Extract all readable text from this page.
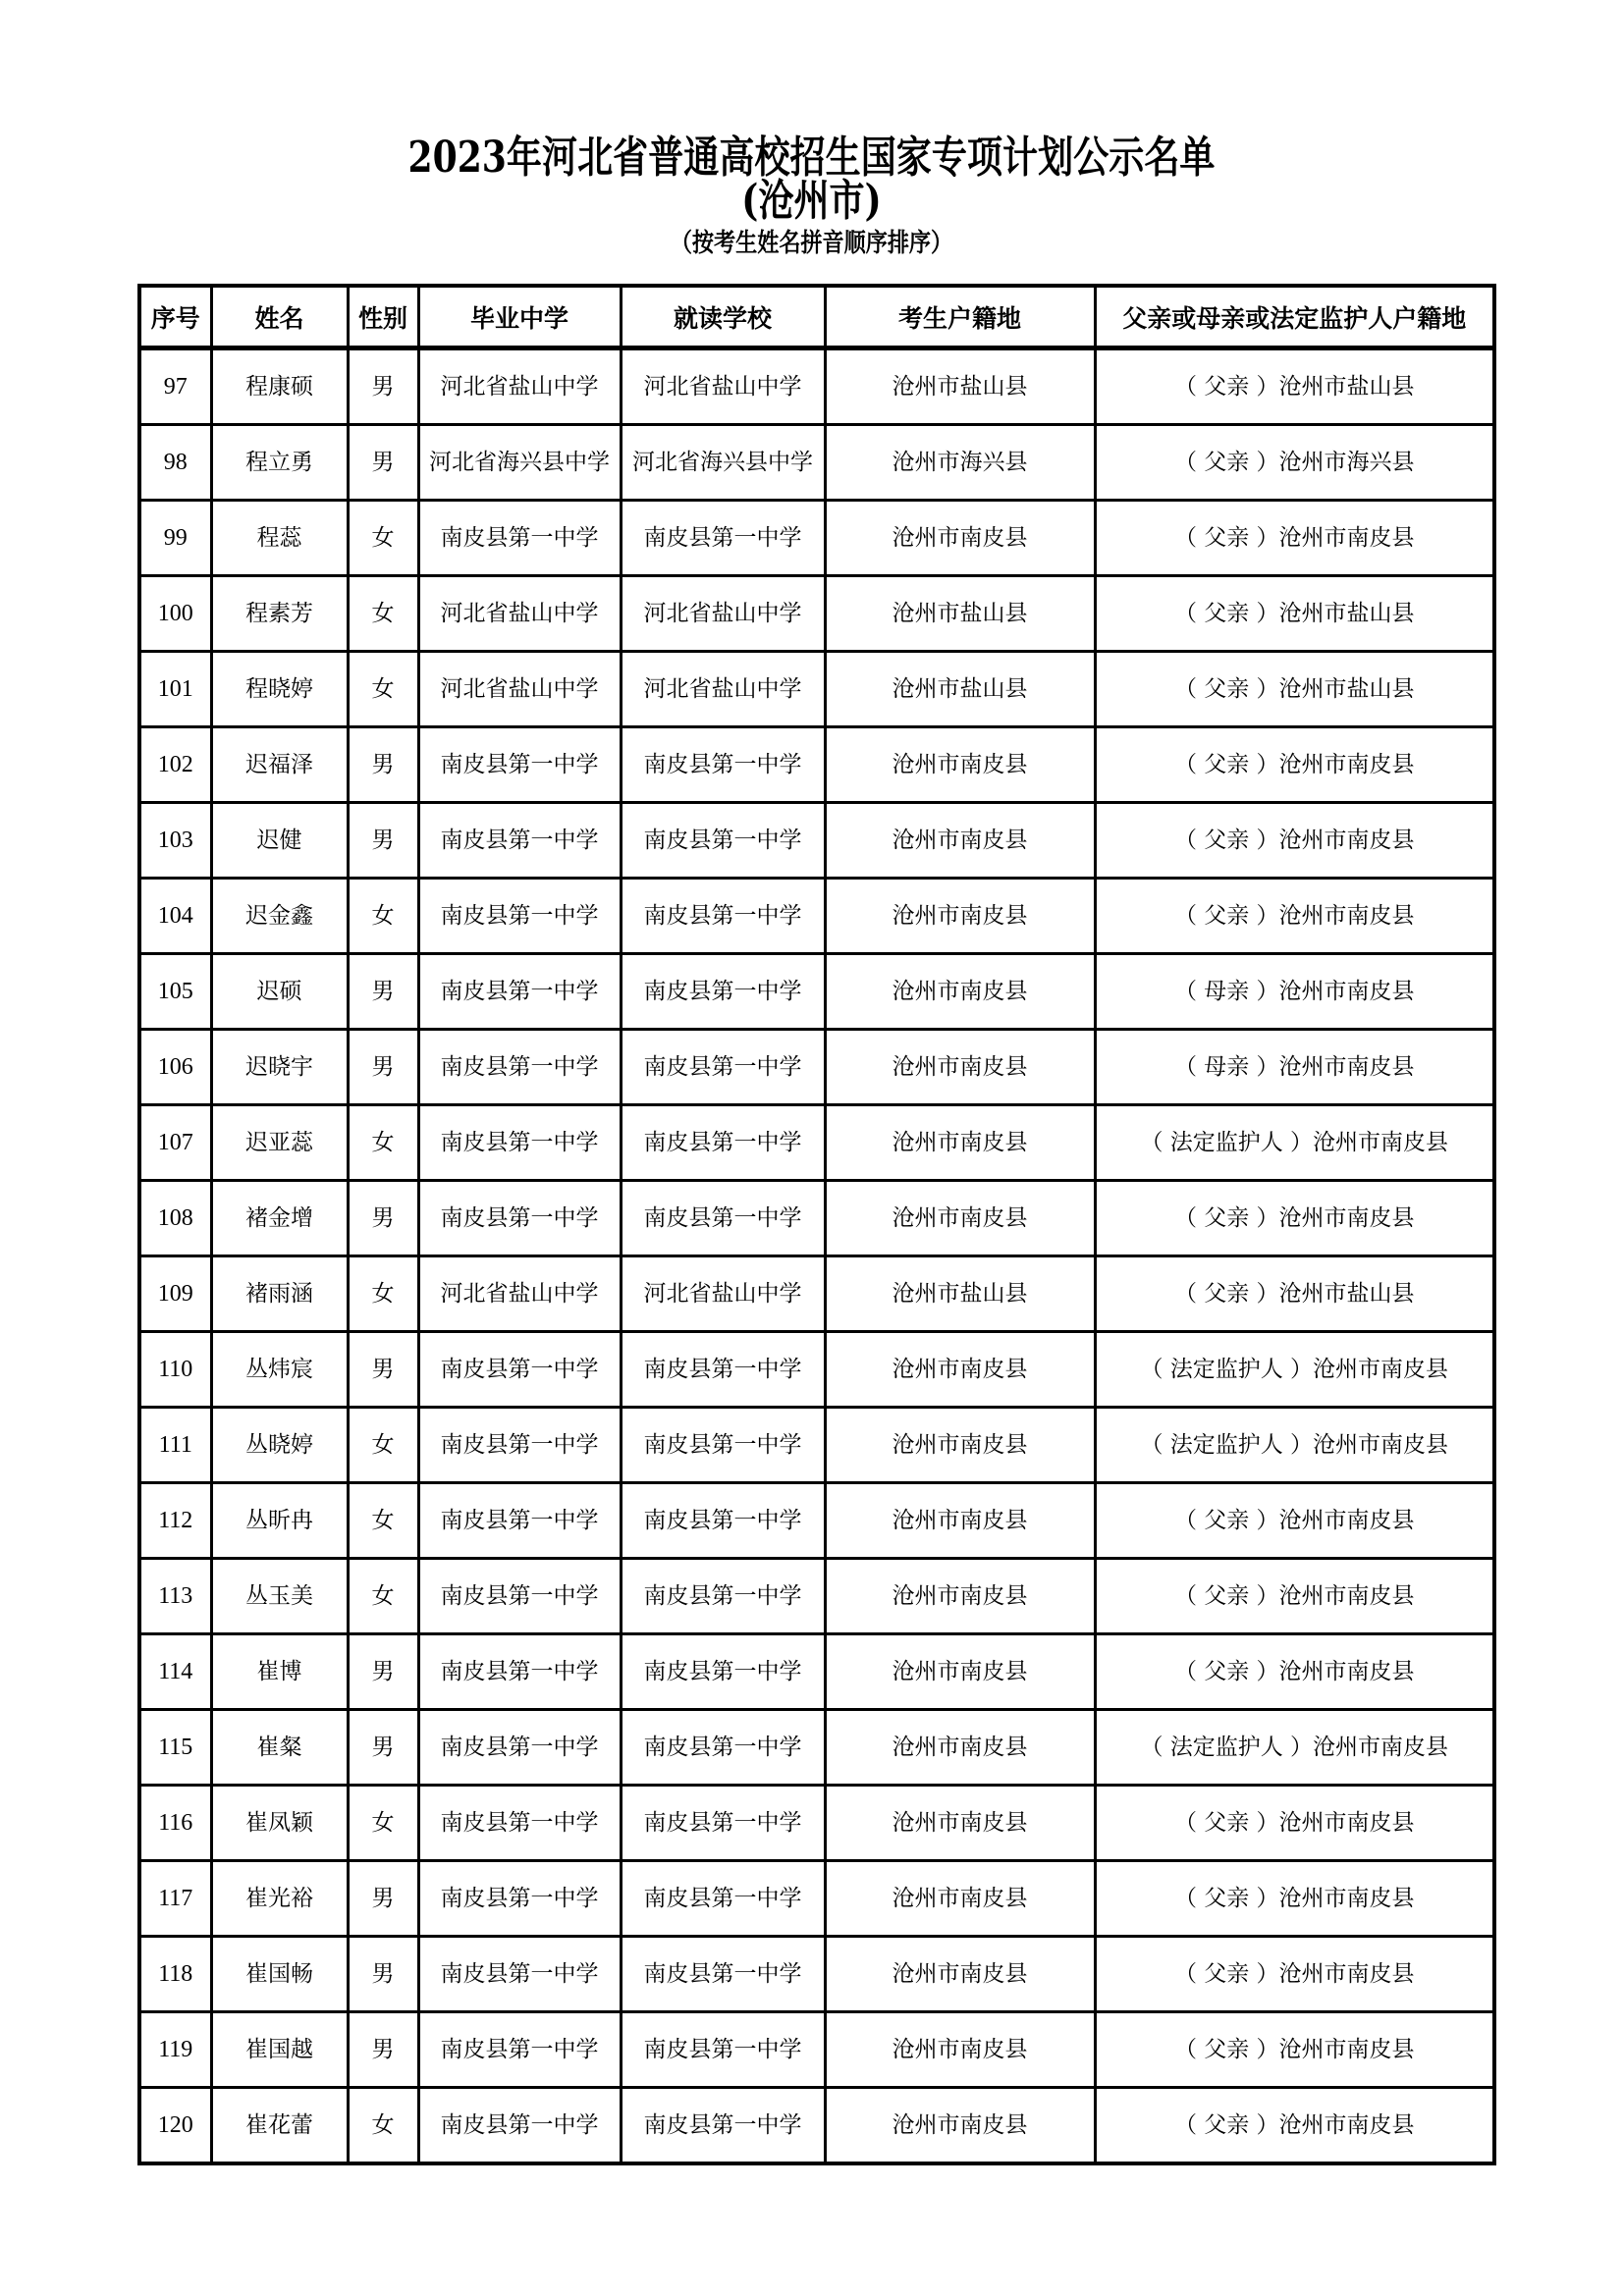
2023年河北省普通高校招生国家专项计划公示名单
(沧州市)
（按考生姓名拼音顺序排序）
序号	姓名	性别	毕业中学	就读学校	考生户籍地	父亲或母亲或法定监护人户籍地
97	程康硕	男	河北省盐山中学	河北省盐山中学	沧州市盐山县	（ 父亲 ）沧州市盐山县
98	程立勇	男	河北省海兴县中学	河北省海兴县中学	沧州市海兴县	（ 父亲 ）沧州市海兴县
99	程蕊	女	南皮县第一中学	南皮县第一中学	沧州市南皮县	（ 父亲 ）沧州市南皮县
100	程素芳	女	河北省盐山中学	河北省盐山中学	沧州市盐山县	（ 父亲 ）沧州市盐山县
101	程晓婷	女	河北省盐山中学	河北省盐山中学	沧州市盐山县	（ 父亲 ）沧州市盐山县
102	迟福泽	男	南皮县第一中学	南皮县第一中学	沧州市南皮县	（ 父亲 ）沧州市南皮县
103	迟健	男	南皮县第一中学	南皮县第一中学	沧州市南皮县	（ 父亲 ）沧州市南皮县
104	迟金鑫	女	南皮县第一中学	南皮县第一中学	沧州市南皮县	（ 父亲 ）沧州市南皮县
105	迟硕	男	南皮县第一中学	南皮县第一中学	沧州市南皮县	（ 母亲 ）沧州市南皮县
106	迟晓宇	男	南皮县第一中学	南皮县第一中学	沧州市南皮县	（ 母亲 ）沧州市南皮县
107	迟亚蕊	女	南皮县第一中学	南皮县第一中学	沧州市南皮县	（ 法定监护人 ）沧州市南皮县
108	褚金增	男	南皮县第一中学	南皮县第一中学	沧州市南皮县	（ 父亲 ）沧州市南皮县
109	褚雨涵	女	河北省盐山中学	河北省盐山中学	沧州市盐山县	（ 父亲 ）沧州市盐山县
110	丛炜宸	男	南皮县第一中学	南皮县第一中学	沧州市南皮县	（ 法定监护人 ）沧州市南皮县
111	丛晓婷	女	南皮县第一中学	南皮县第一中学	沧州市南皮县	（ 法定监护人 ）沧州市南皮县
112	丛昕冉	女	南皮县第一中学	南皮县第一中学	沧州市南皮县	（ 父亲 ）沧州市南皮县
113	丛玉美	女	南皮县第一中学	南皮县第一中学	沧州市南皮县	（ 父亲 ）沧州市南皮县
114	崔博	男	南皮县第一中学	南皮县第一中学	沧州市南皮县	（ 父亲 ）沧州市南皮县
115	崔粲	男	南皮县第一中学	南皮县第一中学	沧州市南皮县	（ 法定监护人 ）沧州市南皮县
116	崔凤颖	女	南皮县第一中学	南皮县第一中学	沧州市南皮县	（ 父亲 ）沧州市南皮县
117	崔光裕	男	南皮县第一中学	南皮县第一中学	沧州市南皮县	（ 父亲 ）沧州市南皮县
118	崔国畅	男	南皮县第一中学	南皮县第一中学	沧州市南皮县	（ 父亲 ）沧州市南皮县
119	崔国越	男	南皮县第一中学	南皮县第一中学	沧州市南皮县	（ 父亲 ）沧州市南皮县
120	崔花蕾	女	南皮县第一中学	南皮县第一中学	沧州市南皮县	（ 父亲 ）沧州市南皮县
